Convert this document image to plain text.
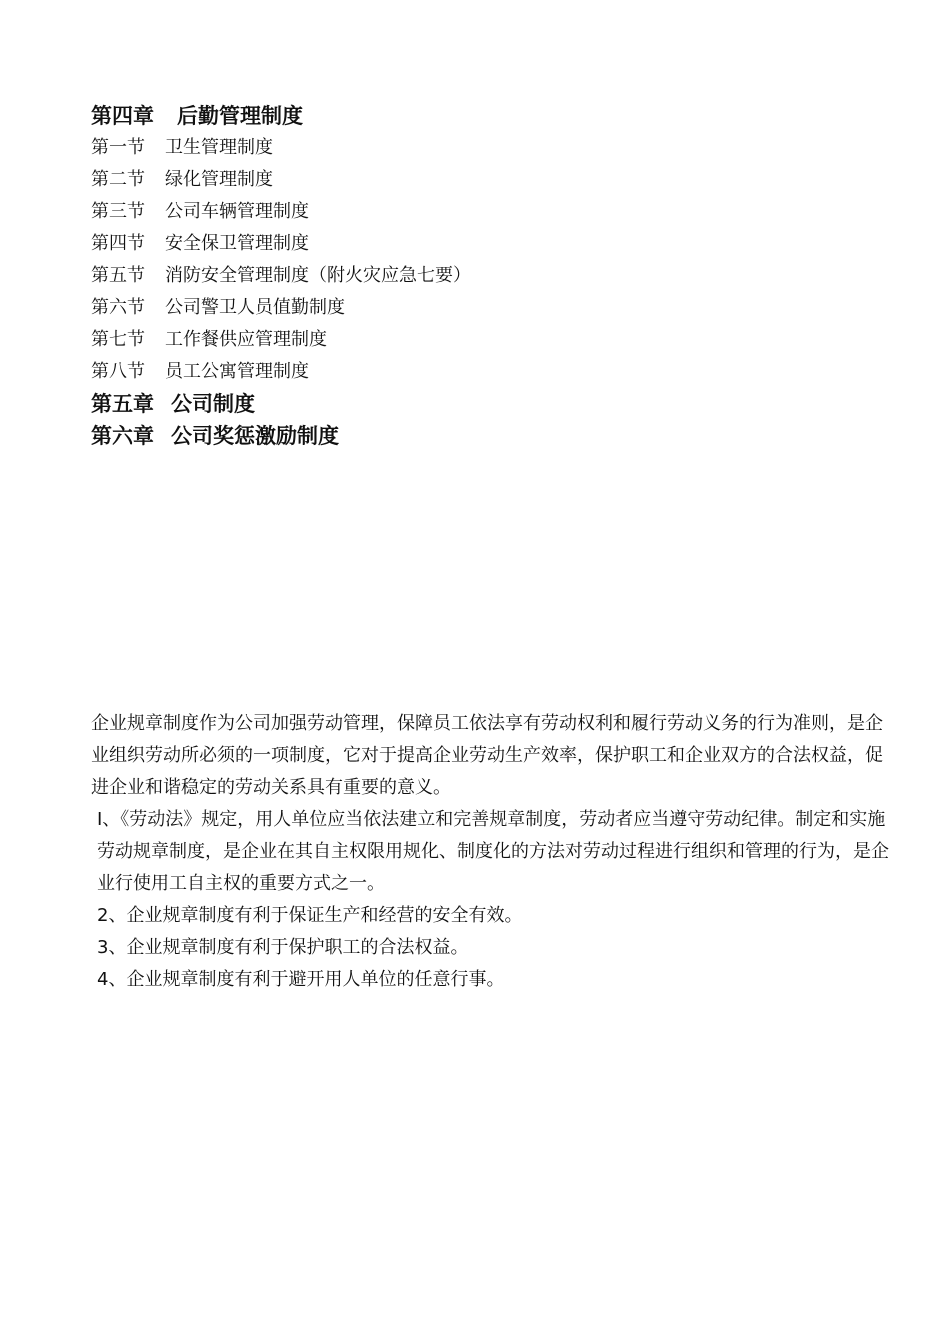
第四章 后勤管理制度
第一节 卫生管理制度
第二节 绿化管理制度
第三节 公司车辆管理制度
第四节 安全保卫管理制度
第五节 消防安全管理制度（附火灾应急七要）
第六节 公司警卫人员值勤制度
第七节 工作餐供应管理制度
第八节 员工公寓管理制度
第五章 公司制度
第六章 公司奖惩激励制度

企业规章制度作为公司加强劳动管理，保障员工依法享有劳动权利和履行劳动义务的行为准则，是企业组织劳动所必须的一项制度，它对于提高企业劳动生产效率，保护职工和企业双方的合法权益，促进企业和谐稳定的劳动关系具有重要的意义。

Ⅰ、《劳动法》规定，用人单位应当依法建立和完善规章制度，劳动者应当遵守劳动纪律。制定和实施劳动规章制度，是企业在其自主权限用规化、制度化的方法对劳动过程进行组织和管理的行为，是企业行使用工自主权的重要方式之一。

2、企业规章制度有利于保证生产和经营的安全有效。

3、企业规章制度有利于保护职工的合法权益。

4、企业规章制度有利于避开用人单位的任意行事。
